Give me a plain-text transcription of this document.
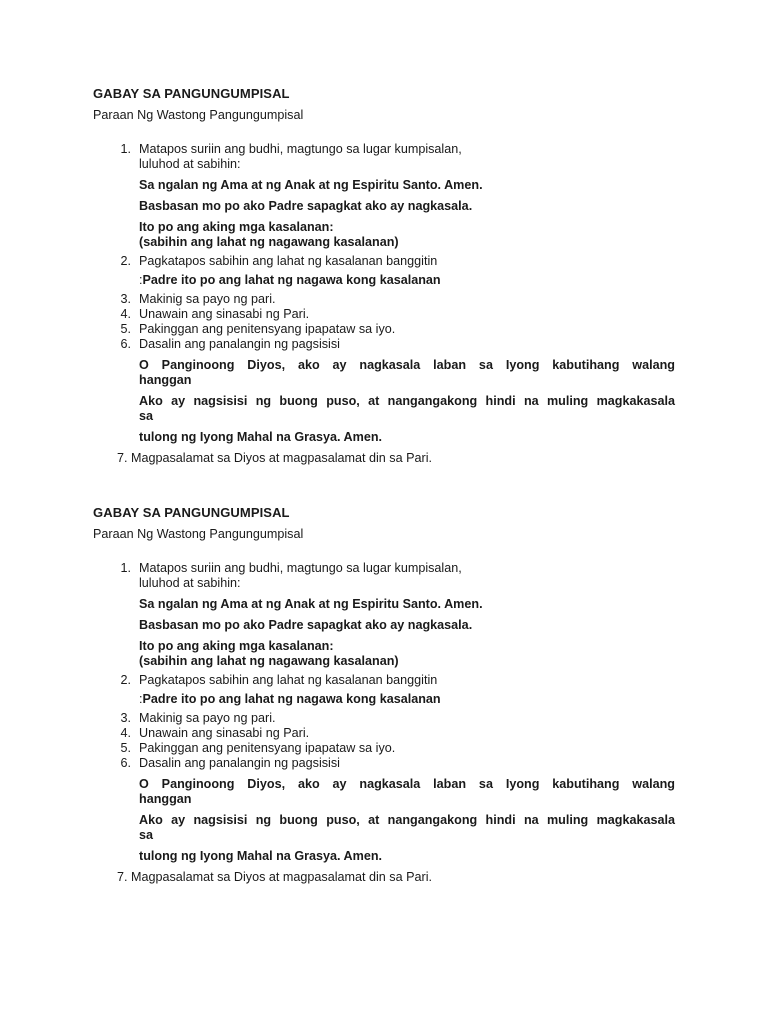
GABAY SA PANGUNGUMPISAL
Paraan Ng Wastong Pangungumpisal
1 . Matapos suriin ang budhi, magtungo sa lugar kumpisalan,
luluhod at sabihin:
Sa ngalan ng Ama at ng Anak at ng Espiritu Santo. Amen.
Basbasan mo po ako Padre sapagkat ako ay nagkasala.
Ito po ang aking mga kasalanan:
(sabihin ang lahat ng nagawang kasalanan)
2 . Pagkatapos sabihin ang lahat ng kasalanan banggitin
:Padre ito po ang lahat ng nagawa kong kasalanan
3 . Makinig sa payo ng pari.
4 . Unawain ang sinasabi ng Pari.
5 . Pakinggan ang penitensyang ipapataw sa iyo.
6 . Dasalin ang panalangin ng pagsisisi
O Panginoong Diyos, ako ay nagkasala laban sa Iyong kabutihang walang
hanggan
Ako ay nagsisisi ng buong puso, at nangangakong hindi na muling magkakasala
sa
tulong ng Iyong Mahal na Grasya. Amen.
7. Magpasalamat sa Diyos at magpasalamat din sa Pari.
GABAY SA PANGUNGUMPISAL
Paraan Ng Wastong Pangungumpisal
1 . Matapos suriin ang budhi, magtungo sa lugar kumpisalan,
luluhod at sabihin:
Sa ngalan ng Ama at ng Anak at ng Espiritu Santo. Amen.
Basbasan mo po ako Padre sapagkat ako ay nagkasala.
Ito po ang aking mga kasalanan:
(sabihin ang lahat ng nagawang kasalanan)
2 . Pagkatapos sabihin ang lahat ng kasalanan banggitin
:Padre ito po ang lahat ng nagawa kong kasalanan
3 . Makinig sa payo ng pari.
4 . Unawain ang sinasabi ng Pari.
5 . Pakinggan ang penitensyang ipapataw sa iyo.
6 . Dasalin ang panalangin ng pagsisisi
O Panginoong Diyos, ako ay nagkasala laban sa Iyong kabutihang walang
hanggan
Ako ay nagsisisi ng buong puso, at nangangakong hindi na muling magkakasala
sa
tulong ng Iyong Mahal na Grasya. Amen.
7. Magpasalamat sa Diyos at magpasalamat din sa Pari.
